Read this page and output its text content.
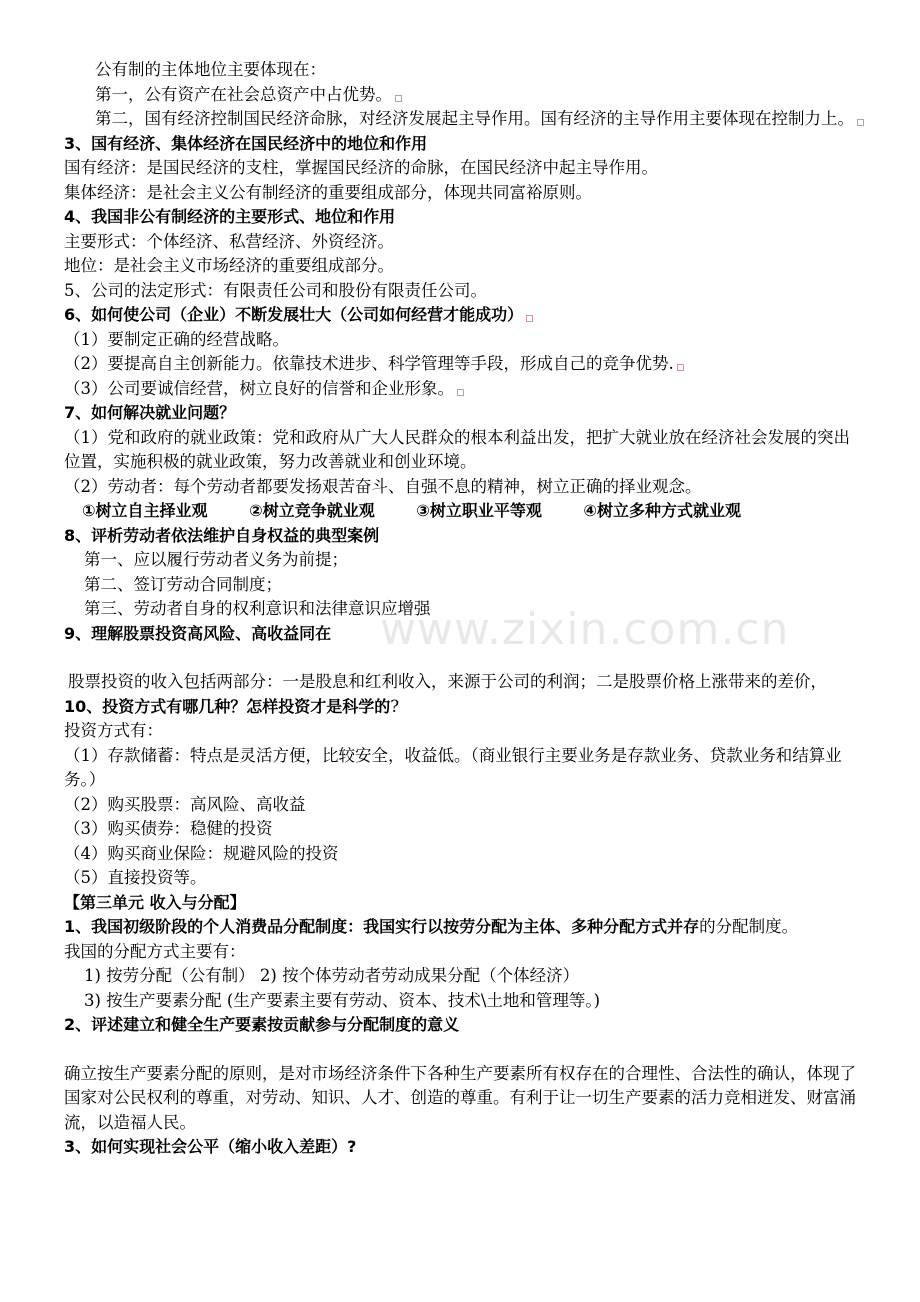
公有制的主体地位主要体现在：
第一，公有资产在社会总资产中占优势。
第二，国有经济控制国民经济命脉，对经济发展起主导作用。国有经济的主导作用主要体现在控制力上。
3、国有经济、集体经济在国民经济中的地位和作用
国有经济：是国民经济的支柱，掌握国民经济的命脉，在国民经济中起主导作用。
集体经济：是社会主义公有制经济的重要组成部分，体现共同富裕原则。
4、我国非公有制经济的主要形式、地位和作用
主要形式：个体经济、私营经济、外资经济。
地位：是社会主义市场经济的重要组成部分。
5、公司的法定形式：有限责任公司和股份有限责任公司。
6、如何使公司（企业）不断发展壮大（公司如何经营才能成功）
（1）要制定正确的经营战略。
（2）要提高自主创新能力。依靠技术进步、科学管理等手段，形成自己的竞争优势.
（3）公司要诚信经营，树立良好的信誉和企业形象。
7、如何解决就业问题？
（1）党和政府的就业政策：党和政府从广大人民群众的根本利益出发，把扩大就业放在经济社会发展的突出位置，实施积极的就业政策，努力改善就业和创业环境。
（2）劳动者：每个劳动者都要发扬艰苦奋斗、自强不息的精神，树立正确的择业观念。
①树立自主择业观	②树立竞争就业观	③树立职业平等观	④树立多种方式就业观
8、评析劳动者依法维护自身权益的典型案例
第一、应以履行劳动者义务为前提；
第二、签订劳动合同制度；
第三、劳动者自身的权利意识和法律意识应增强
9、理解股票投资高风险、高收益同在
股票投资的收入包括两部分：一是股息和红利收入，来源于公司的利润；二是股票价格上涨带来的差价，
10、投资方式有哪几种？怎样投资才是科学的?
投资方式有：
（1）存款储蓄：特点是灵活方便，比较安全，收益低。（商业银行主要业务是存款业务、贷款业务和结算业务。）
（2）购买股票：高风险、高收益
（3）购买债券：稳健的投资
（4）购买商业保险：规避风险的投资
（5）直接投资等。
【第三单元 收入与分配】
1、我国初级阶段的个人消费品分配制度：我国实行以按劳分配为主体、多种分配方式并存的分配制度。
我国的分配方式主要有：
1) 按劳分配（公有制） 2) 按个体劳动者劳动成果分配（个体经济）
3) 按生产要素分配 (生产要素主要有劳动、资本、技术\土地和管理等。)
2、评述建立和健全生产要素按贡献参与分配制度的意义
确立按生产要素分配的原则，是对市场经济条件下各种生产要素所有权存在的合理性、合法性的确认，体现了国家对公民权利的尊重，对劳动、知识、人才、创造的尊重。有利于让一切生产要素的活力竞相迸发、财富涌流，以造福人民。
3、如何实现社会公平（缩小收入差距）?
www.zixin.com.cn
